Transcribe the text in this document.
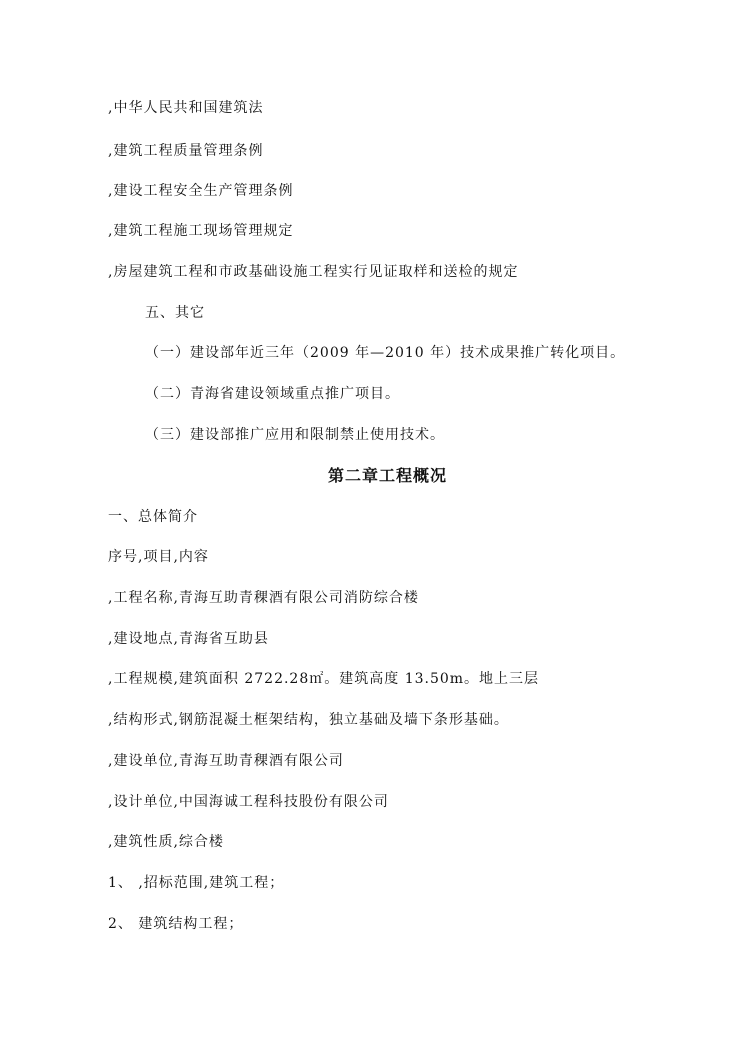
,中华人民共和国建筑法
,建筑工程质量管理条例
,建设工程安全生产管理条例
,建筑工程施工现场管理规定
,房屋建筑工程和市政基础设施工程实行见证取样和送检的规定
五、其它
（一）建设部年近三年（2009 年—2010 年）技术成果推广转化项目。
（二）青海省建设领域重点推广项目。
（三）建设部推广应用和限制禁止使用技术。
第二章工程概况
一、总体简介
序号,项目,内容
,工程名称,青海互助青稞酒有限公司消防综合楼
,建设地点,青海省互助县
,工程规模,建筑面积 2722.28㎡。建筑高度 13.50m。地上三层
,结构形式,钢筋混凝土框架结构，独立基础及墙下条形基础。
,建设单位,青海互助青稞酒有限公司
,设计单位,中国海诚工程科技股份有限公司
,建筑性质,综合楼
1、 ,招标范围,建筑工程；
2、 建筑结构工程；
